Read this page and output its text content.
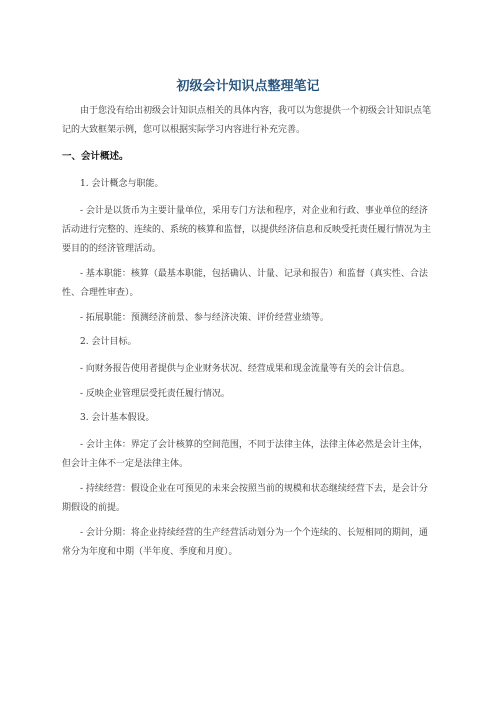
初级会计知识点整理笔记

由于您没有给出初级会计知识点相关的具体内容，我可以为您提供一个初级会计知识点笔记的大致框架示例，您可以根据实际学习内容进行补充完善。

一、会计概述。
1. 会计概念与职能。

- 会计是以货币为主要计量单位，采用专门方法和程序，对企业和行政、事业单位的经济活动进行完整的、连续的、系统的核算和监督，以提供经济信息和反映受托责任履行情况为主要目的的经济管理活动。

- 基本职能：核算（最基本职能，包括确认、计量、记录和报告）和监督（真实性、合法性、合理性审查）。

- 拓展职能：预测经济前景、参与经济决策、评价经营业绩等。

2. 会计目标。

- 向财务报告使用者提供与企业财务状况、经营成果和现金流量等有关的会计信息。

- 反映企业管理层受托责任履行情况。

3. 会计基本假设。

- 会计主体：界定了会计核算的空间范围，不同于法律主体，法律主体必然是会计主体，但会计主体不一定是法律主体。

- 持续经营：假设企业在可预见的未来会按照当前的规模和状态继续经营下去，是会计分期假设的前提。

- 会计分期：将企业持续经营的生产经营活动划分为一个个连续的、长短相同的期间，通常分为年度和中期（半年度、季度和月度）。
